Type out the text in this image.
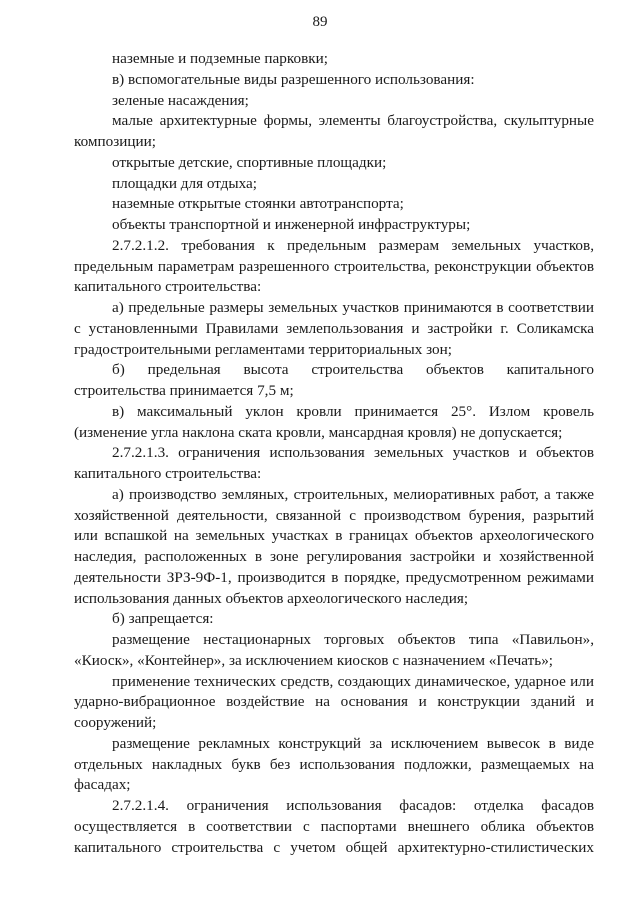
89

наземные и подземные парковки;

в) вспомогательные виды разрешенного использования:

зеленые насаждения;

малые архитектурные формы, элементы благоустройства, скульптурные композиции;

открытые детские, спортивные площадки;

площадки для отдыха;

наземные открытые стоянки автотранспорта;

объекты транспортной и инженерной инфраструктуры;

2.7.2.1.2. требования к предельным размерам земельных участков, предельным параметрам разрешенного строительства, реконструкции объектов капитального строительства:

а) предельные размеры земельных участков принимаются в соответствии с установленными Правилами землепользования и застройки г. Соликамска градостроительными регламентами территориальных зон;

б) предельная высота строительства объектов капитального строительства принимается 7,5 м;

в) максимальный уклон кровли принимается 25°. Излом кровель (изменение угла наклона ската кровли, мансардная кровля) не допускается;

2.7.2.1.3. ограничения использования земельных участков и объектов капитального строительства:

а) производство земляных, строительных, мелиоративных работ, а также хозяйственной деятельности, связанной с производством бурения, разрытий или вспашкой на земельных участках в границах объектов археологического наследия, расположенных в зоне регулирования застройки и хозяйственной деятельности ЗРЗ-9Ф-1, производится в порядке, предусмотренном режимами использования данных объектов археологического наследия;

б) запрещается:

размещение нестационарных торговых объектов типа «Павильон», «Киоск», «Контейнер», за исключением киосков с назначением «Печать»;

применение технических средств, создающих динамическое, ударное или ударно-вибрационное воздействие на основания и конструкции зданий и сооружений;

размещение рекламных конструкций за исключением вывесок в виде отдельных накладных букв без использования подложки, размещаемых на фасадах;

2.7.2.1.4. ограничения использования фасадов: отделка фасадов осуществляется в соответствии с паспортами внешнего облика объектов капитального строительства с учетом общей архитектурно-стилистических
